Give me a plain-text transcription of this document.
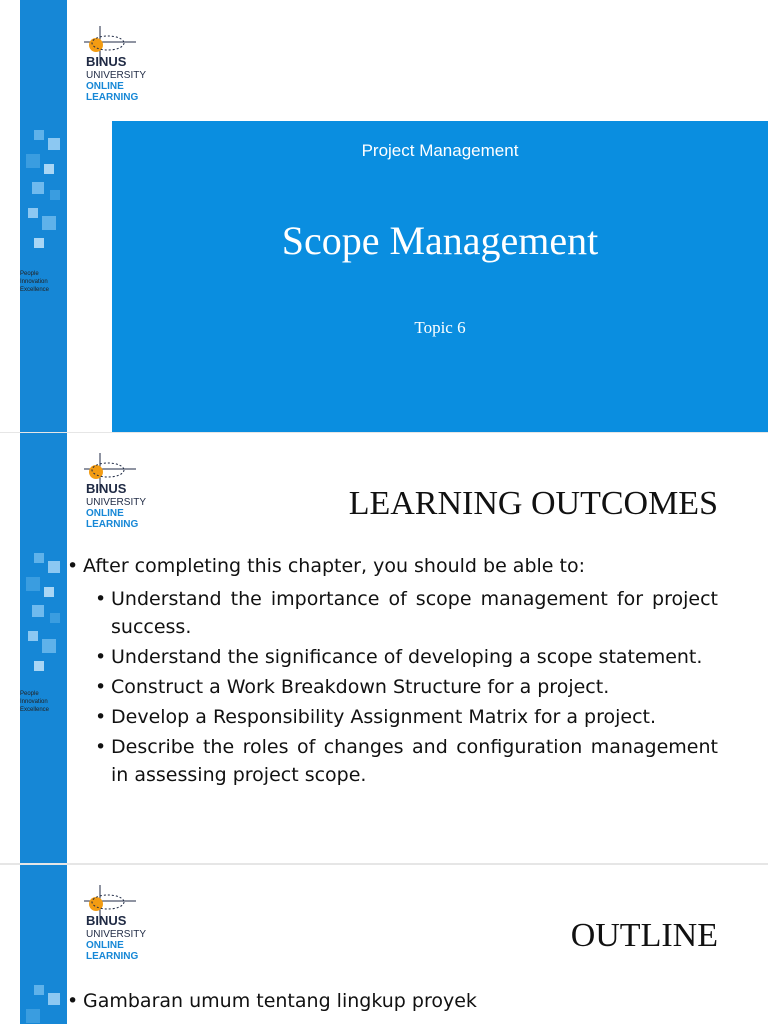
People
Innovation
Excellence
BINUS
UNIVERSITY
ONLINE
LEARNING
Project Management
Scope Management
Topic 6
People
Innovation
Excellence
BINUS
UNIVERSITY
ONLINE
LEARNING
LEARNING OUTCOMES

• After completing this chapter, you should be able to:

• Understand the importance of scope management for project success.

• Understand the significance of developing a scope statement.

• Construct a Work Breakdown Structure for a project.

• Develop a Responsibility Assignment Matrix for a project.

• Describe the roles of changes and configuration management in assessing project scope.

BINUS
UNIVERSITY
ONLINE
LEARNING
OUTLINE

• Gambaran umum tentang lingkup proyek
